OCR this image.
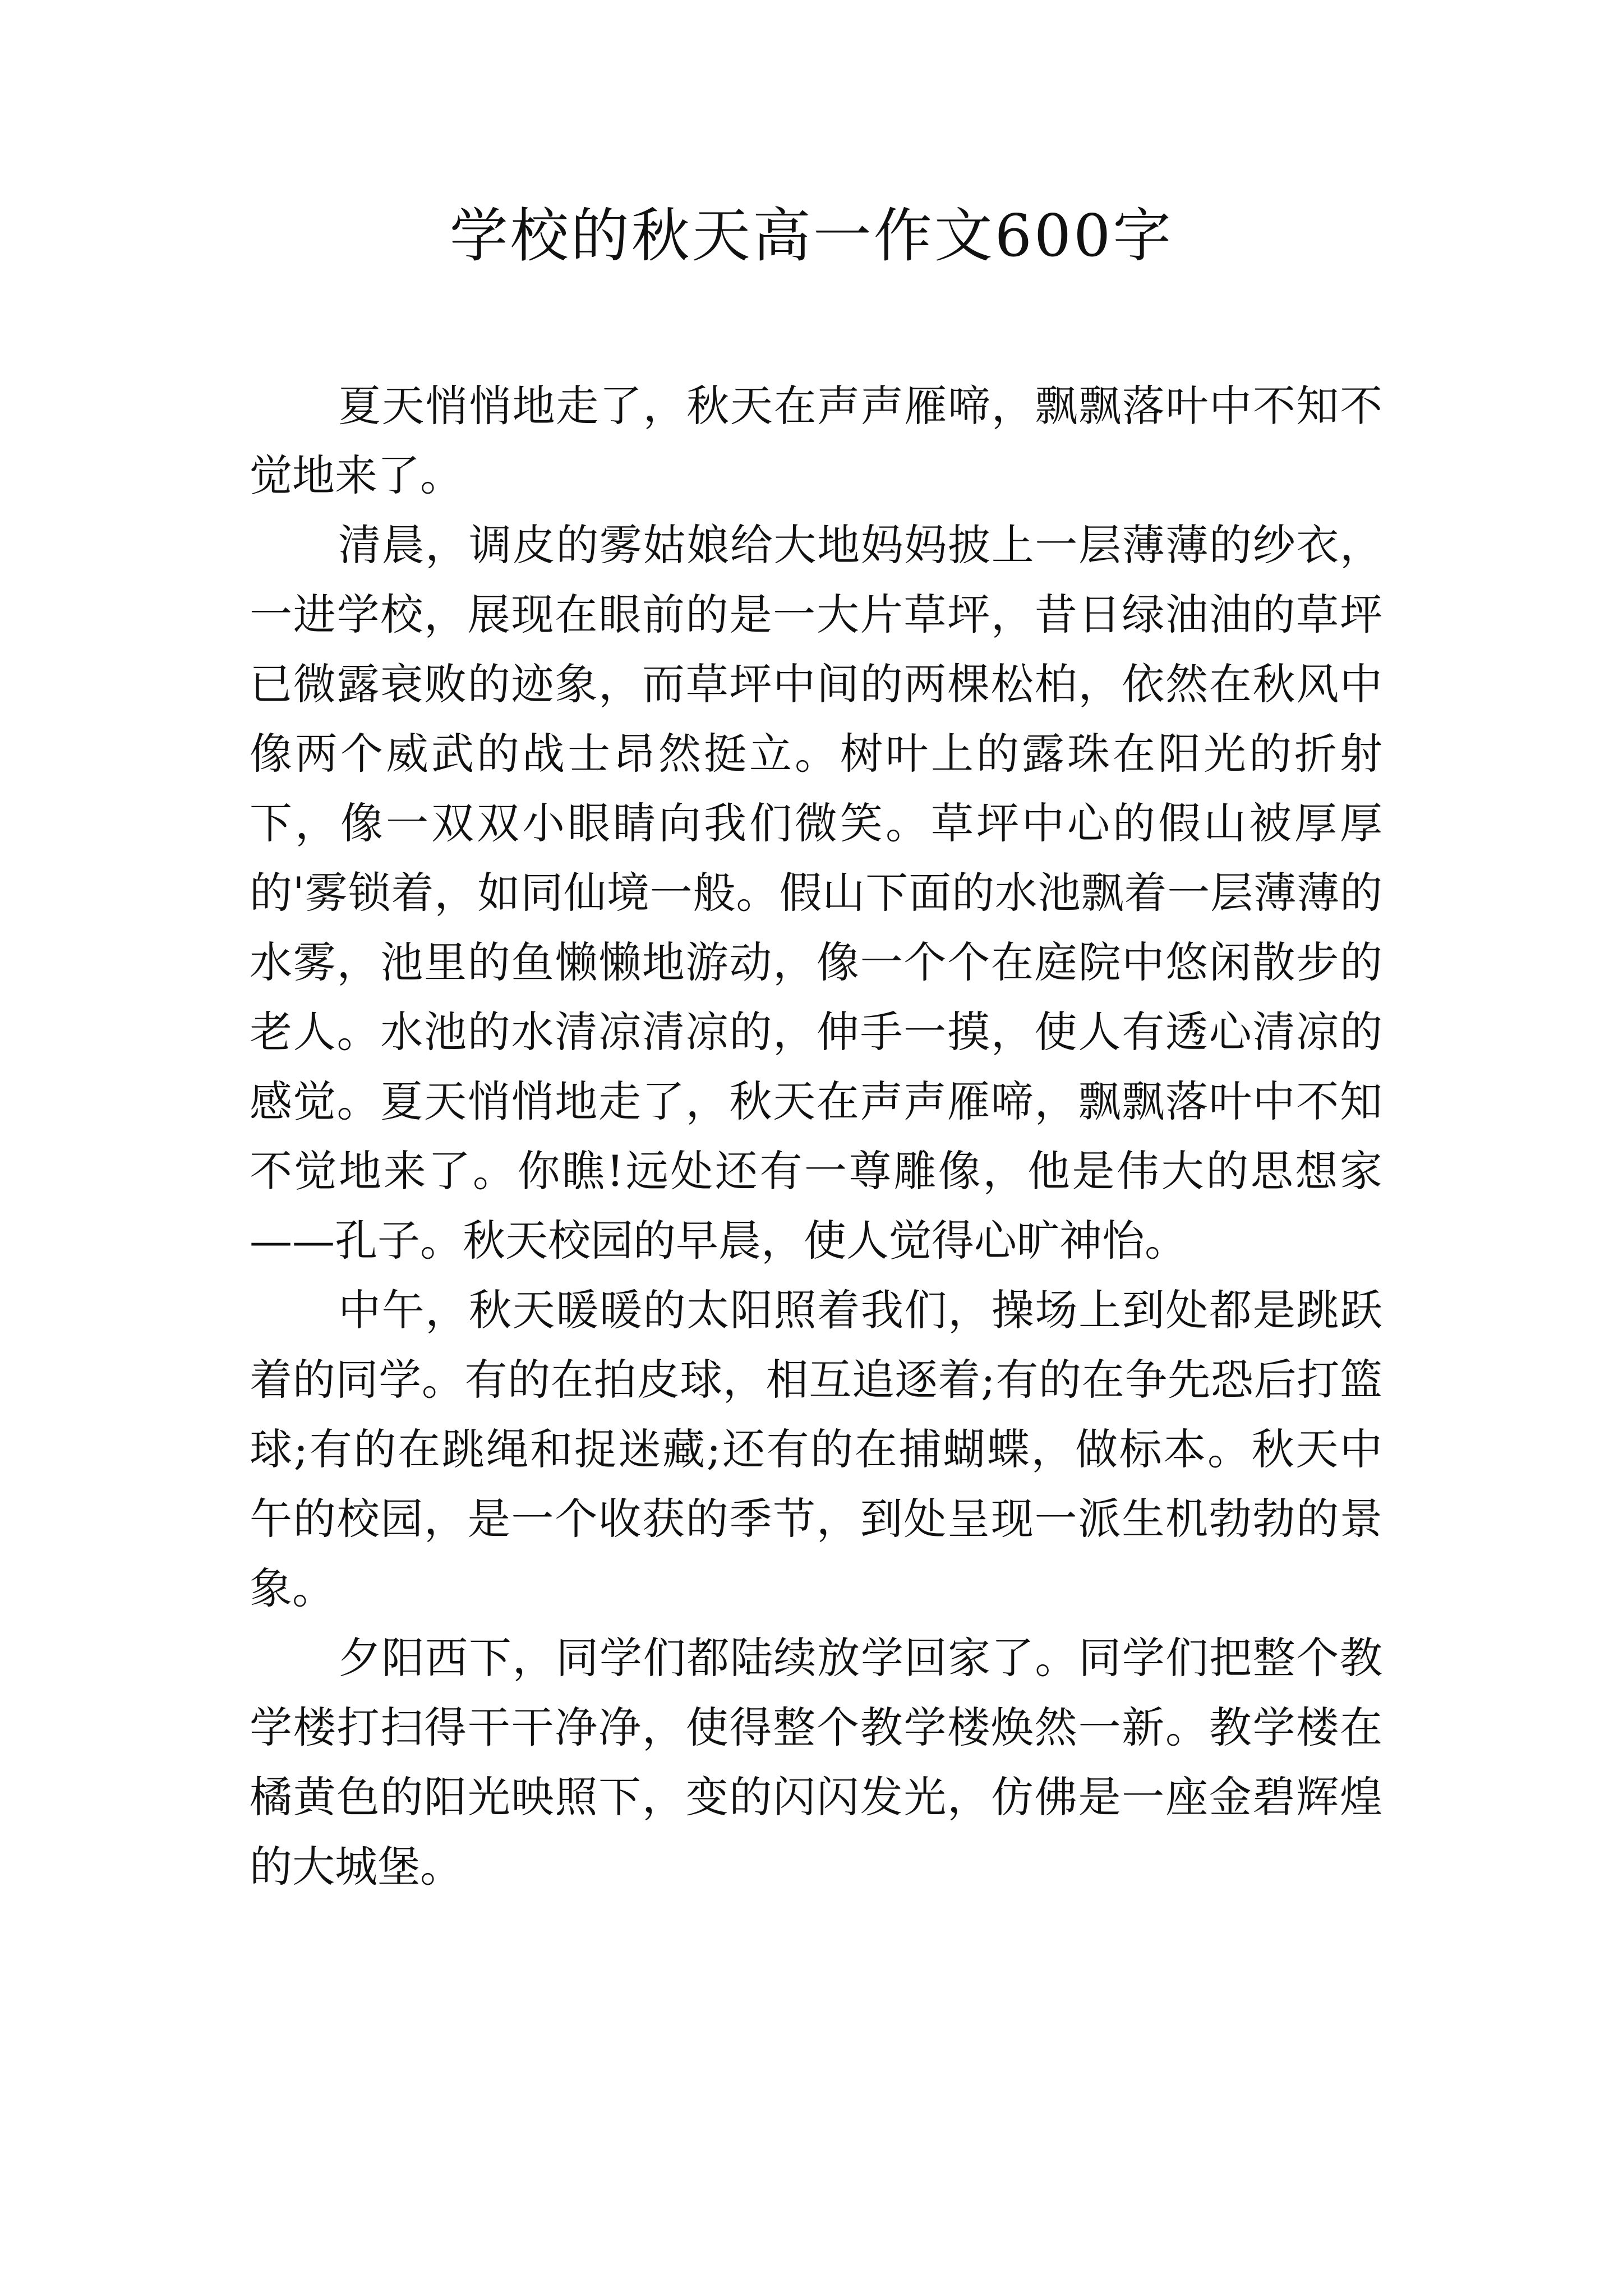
学校的秋天高一作文600字

夏天悄悄地走了，秋天在声声雁啼，飘飘落叶中不知不觉地来了。

清晨，调皮的雾姑娘给大地妈妈披上一层薄薄的纱衣，一进学校，展现在眼前的是一大片草坪，昔日绿油油的草坪已微露衰败的迹象，而草坪中间的两棵松柏，依然在秋风中像两个威武的战士昂然挺立。树叶上的露珠在阳光的折射下，像一双双小眼睛向我们微笑。草坪中心的假山被厚厚的'雾锁着，如同仙境一般。假山下面的水池飘着一层薄薄的水雾，池里的鱼懒懒地游动，像一个个在庭院中悠闲散步的老人。水池的水清凉清凉的，伸手一摸，使人有透心清凉的感觉。夏天悄悄地走了，秋天在声声雁啼，飘飘落叶中不知不觉地来了。你瞧!远处还有一尊雕像，他是伟大的思想家——孔子。秋天校园的早晨，使人觉得心旷神怡。

中午，秋天暖暖的太阳照着我们，操场上到处都是跳跃着的同学。有的在拍皮球，相互追逐着;有的在争先恐后打篮球;有的在跳绳和捉迷藏;还有的在捕蝴蝶，做标本。秋天中午的校园，是一个收获的季节，到处呈现一派生机勃勃的景象。

夕阳西下，同学们都陆续放学回家了。同学们把整个教学楼打扫得干干净净，使得整个教学楼焕然一新。教学楼在橘黄色的阳光映照下，变的闪闪发光，仿佛是一座金碧辉煌的大城堡。
